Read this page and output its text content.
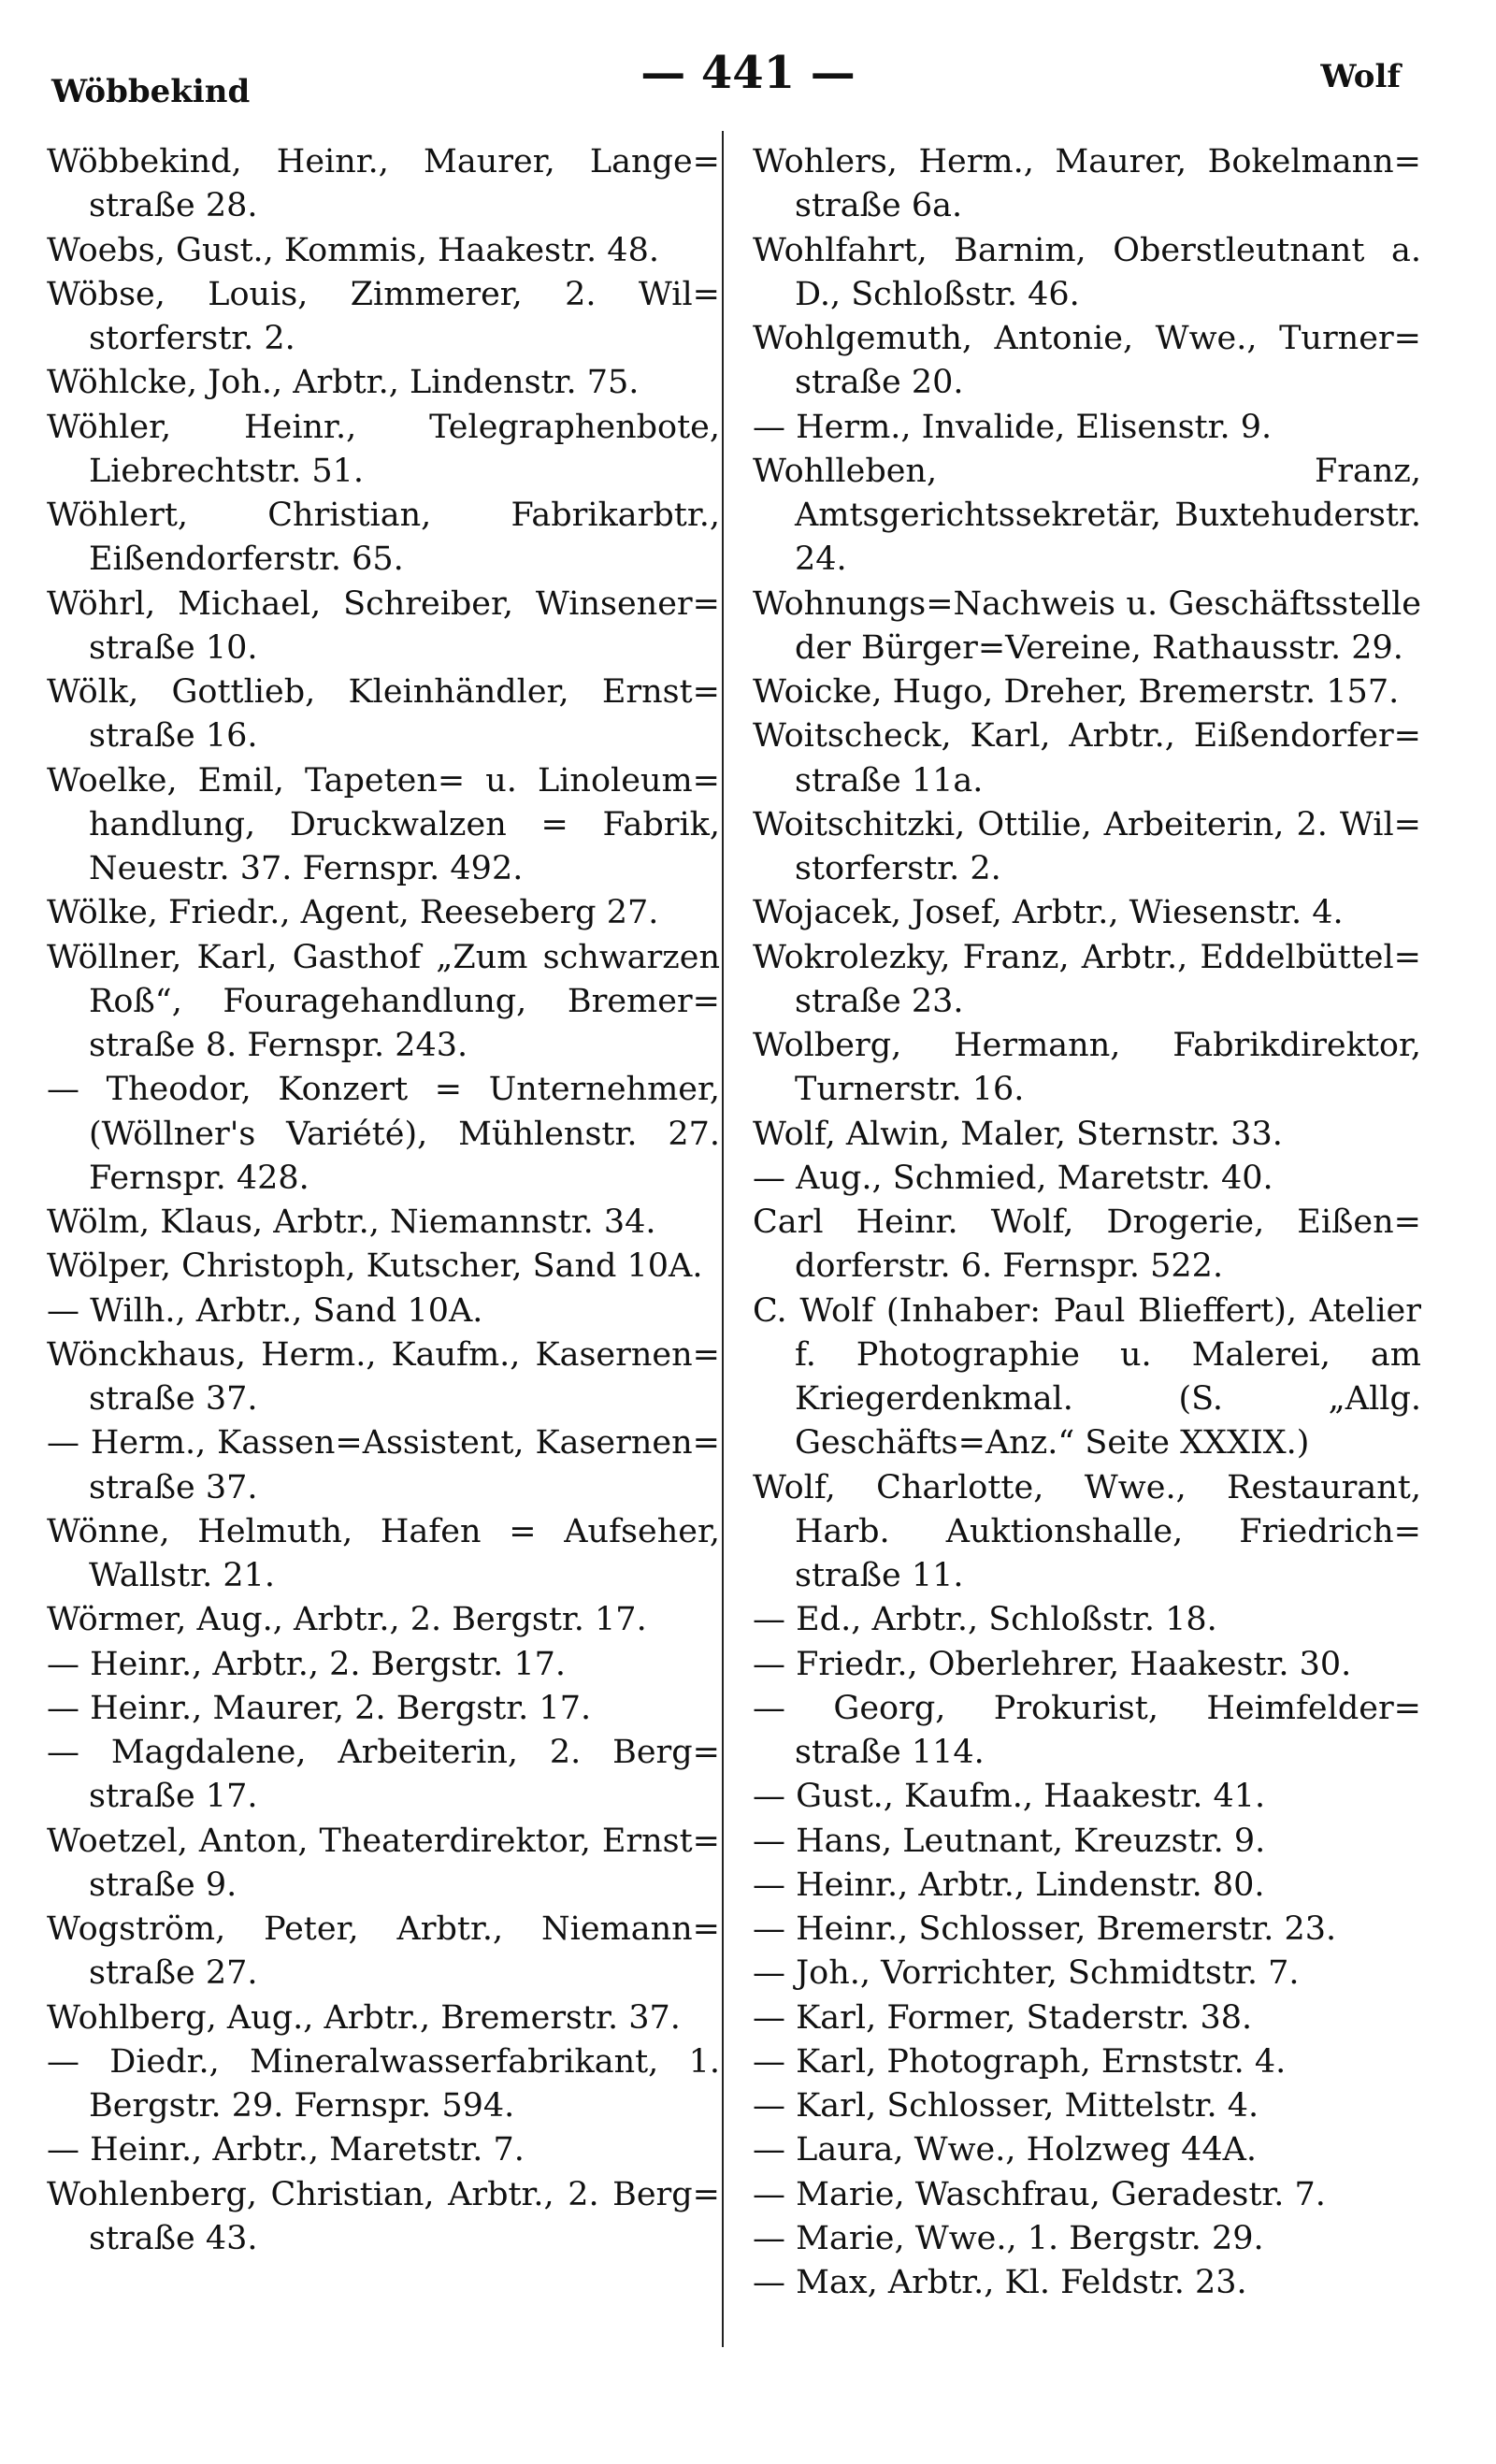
Wöbbekind	— 441 —	Wolf

Wöbbekind, Heinr., Maurer, Lange= straße 28.

Woebs, Gust., Kommis, Haakestr. 48.

Wöbse, Louis, Zimmerer, 2. Wil= storferstr. 2.

Wöhlcke, Joh., Arbtr., Lindenstr. 75.

Wöhler, Heinr., Telegraphenbote, Liebrechtstr. 51.

Wöhlert, Christian, Fabrikarbtr., Eißendorferstr. 65.

Wöhrl, Michael, Schreiber, Winsener= straße 10.

Wölk, Gottlieb, Kleinhändler, Ernst= straße 16.

Woelke, Emil, Tapeten= u. Linoleum= handlung, Druckwalzen = Fabrik, Neuestr. 37. Fernspr. 492.

Wölke, Friedr., Agent, Reeseberg 27.

Wöllner, Karl, Gasthof „Zum schwarzen Roß“, Fouragehandlung, Bremer= straße 8. Fernspr. 243.

— Theodor, Konzert = Unternehmer, (Wöllner's Variété), Mühlenstr. 27. Fernspr. 428.

Wölm, Klaus, Arbtr., Niemannstr. 34.

Wölper, Christoph, Kutscher, Sand 10A.

— Wilh., Arbtr., Sand 10A.

Wönckhaus, Herm., Kaufm., Kasernen= straße 37.

— Herm., Kassen=Assistent, Kasernen= straße 37.

Wönne, Helmuth, Hafen = Aufseher, Wallstr. 21.

Wörmer, Aug., Arbtr., 2. Bergstr. 17.

— Heinr., Arbtr., 2. Bergstr. 17.

— Heinr., Maurer, 2. Bergstr. 17.

— Magdalene, Arbeiterin, 2. Berg= straße 17.

Woetzel, Anton, Theaterdirektor, Ernst= straße 9.

Wogström, Peter, Arbtr., Niemann= straße 27.

Wohlberg, Aug., Arbtr., Bremerstr. 37.

— Diedr., Mineralwasserfabrikant, 1. Bergstr. 29. Fernspr. 594.

— Heinr., Arbtr., Maretstr. 7.

Wohlenberg, Christian, Arbtr., 2. Berg= straße 43.

Wohlers, Herm., Maurer, Bokelmann= straße 6a.

Wohlfahrt, Barnim, Oberstleutnant a. D., Schloßstr. 46.

Wohlgemuth, Antonie, Wwe., Turner= straße 20.

— Herm., Invalide, Elisenstr. 9.

Wohlleben, Franz, Amtsgerichtssekretär, Buxtehuderstr. 24.

Wohnungs=Nachweis u. Geschäftsstelle der Bürger=Vereine, Rathausstr. 29.

Woicke, Hugo, Dreher, Bremerstr. 157.

Woitscheck, Karl, Arbtr., Eißendorfer= straße 11a.

Woitschitzki, Ottilie, Arbeiterin, 2. Wil= storferstr. 2.

Wojacek, Josef, Arbtr., Wiesenstr. 4.

Wokrolezky, Franz, Arbtr., Eddelbüttel= straße 23.

Wolberg, Hermann, Fabrikdirektor, Turnerstr. 16.

Wolf, Alwin, Maler, Sternstr. 33.

— Aug., Schmied, Maretstr. 40.

Carl Heinr. Wolf, Drogerie, Eißen= dorferstr. 6. Fernspr. 522.

C. Wolf (Inhaber: Paul Blieffert), Atelier f. Photographie u. Malerei, am Kriegerdenkmal. (S. „Allg. Geschäfts=Anz.“ Seite XXXIX.)

Wolf, Charlotte, Wwe., Restaurant, Harb. Auktionshalle, Friedrich= straße 11.

— Ed., Arbtr., Schloßstr. 18.

— Friedr., Oberlehrer, Haakestr. 30.

— Georg, Prokurist, Heimfelder= straße 114.

— Gust., Kaufm., Haakestr. 41.

— Hans, Leutnant, Kreuzstr. 9.

— Heinr., Arbtr., Lindenstr. 80.

— Heinr., Schlosser, Bremerstr. 23.

— Joh., Vorrichter, Schmidtstr. 7.

— Karl, Former, Staderstr. 38.

— Karl, Photograph, Ernststr. 4.

— Karl, Schlosser, Mittelstr. 4.

— Laura, Wwe., Holzweg 44A.

— Marie, Waschfrau, Geradestr. 7.

— Marie, Wwe., 1. Bergstr. 29.

— Max, Arbtr., Kl. Feldstr. 23.
